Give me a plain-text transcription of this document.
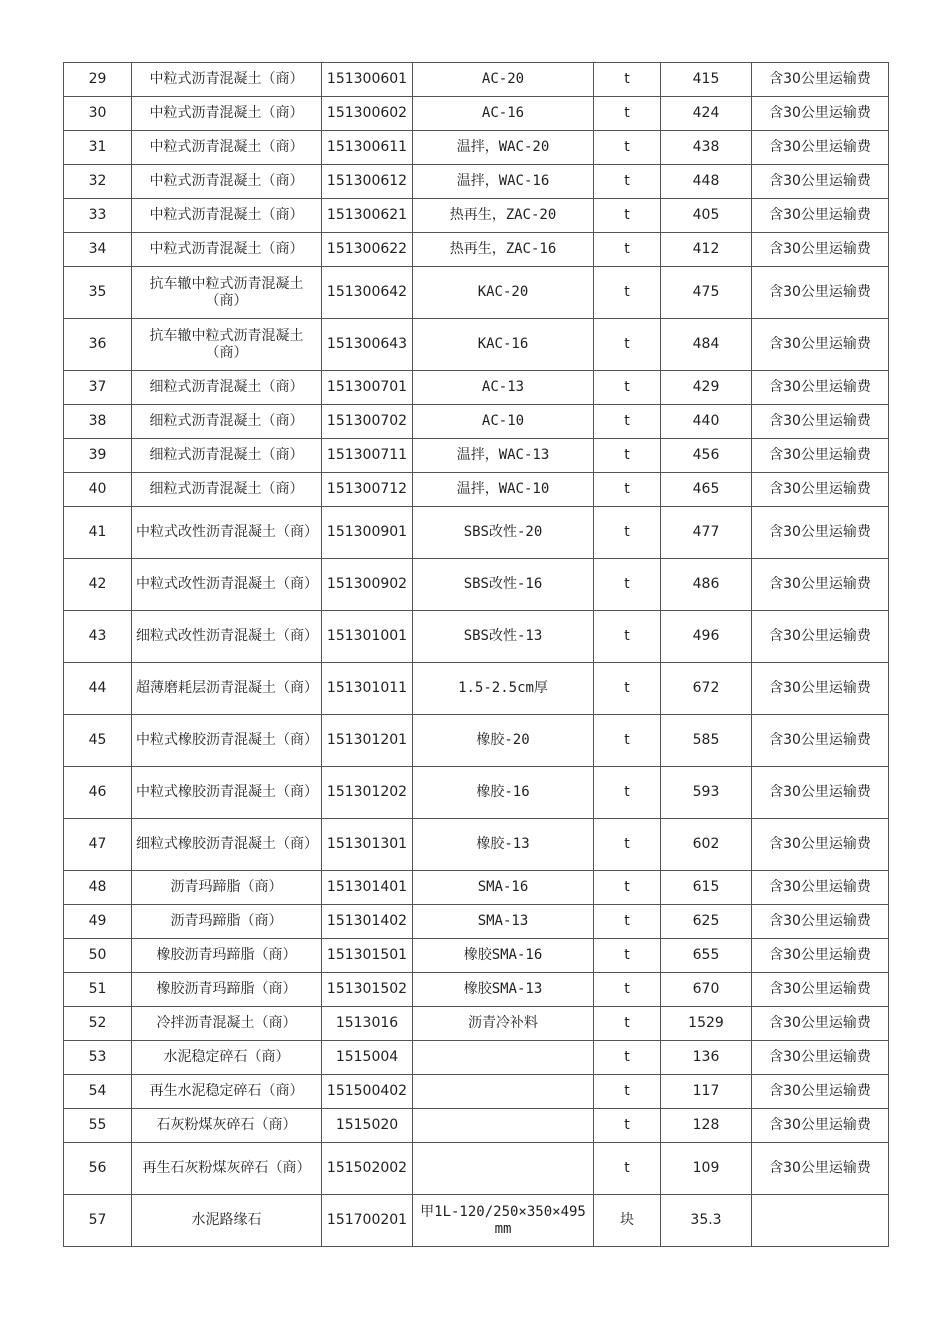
29	中粒式沥青混凝土（商）	151300601	AC-20	t	415	含30公里运输费
30	中粒式沥青混凝土（商）	151300602	AC-16	t	424	含30公里运输费
31	中粒式沥青混凝土（商）	151300611	温拌，WAC-20	t	438	含30公里运输费
32	中粒式沥青混凝土（商）	151300612	温拌，WAC-16	t	448	含30公里运输费
33	中粒式沥青混凝土（商）	151300621	热再生，ZAC-20	t	405	含30公里运输费
34	中粒式沥青混凝土（商）	151300622	热再生，ZAC-16	t	412	含30公里运输费
35	抗车辙中粒式沥青混凝土（商）	151300642	KAC-20	t	475	含30公里运输费
36	抗车辙中粒式沥青混凝土（商）	151300643	KAC-16	t	484	含30公里运输费
37	细粒式沥青混凝土（商）	151300701	AC-13	t	429	含30公里运输费
38	细粒式沥青混凝土（商）	151300702	AC-10	t	440	含30公里运输费
39	细粒式沥青混凝土（商）	151300711	温拌，WAC-13	t	456	含30公里运输费
40	细粒式沥青混凝土（商）	151300712	温拌，WAC-10	t	465	含30公里运输费
41	中粒式改性沥青混凝土（商）	151300901	SBS改性-20	t	477	含30公里运输费
42	中粒式改性沥青混凝土（商）	151300902	SBS改性-16	t	486	含30公里运输费
43	细粒式改性沥青混凝土（商）	151301001	SBS改性-13	t	496	含30公里运输费
44	超薄磨耗层沥青混凝土（商）	151301011	1.5-2.5cm厚	t	672	含30公里运输费
45	中粒式橡胶沥青混凝土（商）	151301201	橡胶-20	t	585	含30公里运输费
46	中粒式橡胶沥青混凝土（商）	151301202	橡胶-16	t	593	含30公里运输费
47	细粒式橡胶沥青混凝土（商）	151301301	橡胶-13	t	602	含30公里运输费
48	沥青玛蹄脂（商）	151301401	SMA-16	t	615	含30公里运输费
49	沥青玛蹄脂（商）	151301402	SMA-13	t	625	含30公里运输费
50	橡胶沥青玛蹄脂（商）	151301501	橡胶SMA-16	t	655	含30公里运输费
51	橡胶沥青玛蹄脂（商）	151301502	橡胶SMA-13	t	670	含30公里运输费
52	冷拌沥青混凝土（商）	1513016	沥青冷补料	t	1529	含30公里运输费
53	水泥稳定碎石（商）	1515004		t	136	含30公里运输费
54	再生水泥稳定碎石（商）	151500402		t	117	含30公里运输费
55	石灰粉煤灰碎石（商）	1515020		t	128	含30公里运输费
56	再生石灰粉煤灰碎石（商）	151502002		t	109	含30公里运输费
57	水泥路缘石	151700201	甲1L-120/250×350×495mm	块	35.3	
